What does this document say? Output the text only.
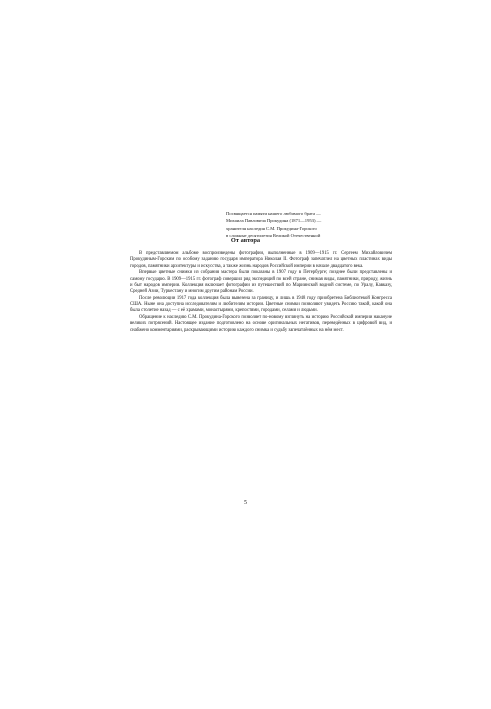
Посвящается памяти нашего любимого брата —
Михаила Павловича Прокудина (1871—1953) —
хранителя наследия С.М. Прокудина-Горского
в сложные десятилетия Великой Отечественной
От автора

В представляемом альбоме воспроизведены фотографии, выполненные в 1909—1915 гг. Сергеем Михайловичем Прокудиным-Горским по особому заданию государя императора Николая II. Фотограф запечатлел на цветных пластинах виды городов, памятники архитектуры и искусства, а также жизнь народов Российской империи в начале двадцатого века.

Впервые цветные снимки из собрания мастера были показаны в 1907 году в Петербурге; позднее были представлены и самому государю. В 1909—1915 гг. фотограф совершил ряд экспедиций по всей стране, снимая виды, памятники, природу, жизнь и быт народов империи. Коллекция включает фотографии из путешествий по Мариинской водной системе, по Уралу, Кавказу, Средней Азии, Туркестану и многим другим районам России.

После революции 1917 года коллекция была вывезена за границу, и лишь в 1948 году приобретена Библиотекой Конгресса США. Ныне она доступна исследователям и любителям истории. Цветные снимки позволяют увидеть Россию такой, какой она была столетие назад — с её храмами, монастырями, крепостями, городами, селами и людьми.

Обращение к наследию С.М. Прокудина-Горского позволяет по-новому взглянуть на историю Российской империи накануне великих потрясений. Настоящее издание подготовлено на основе оригинальных негативов, переведённых в цифровой вид, и снабжено комментариями, раскрывающими историю каждого снимка и судьбу запечатлённых на нём мест.

5
